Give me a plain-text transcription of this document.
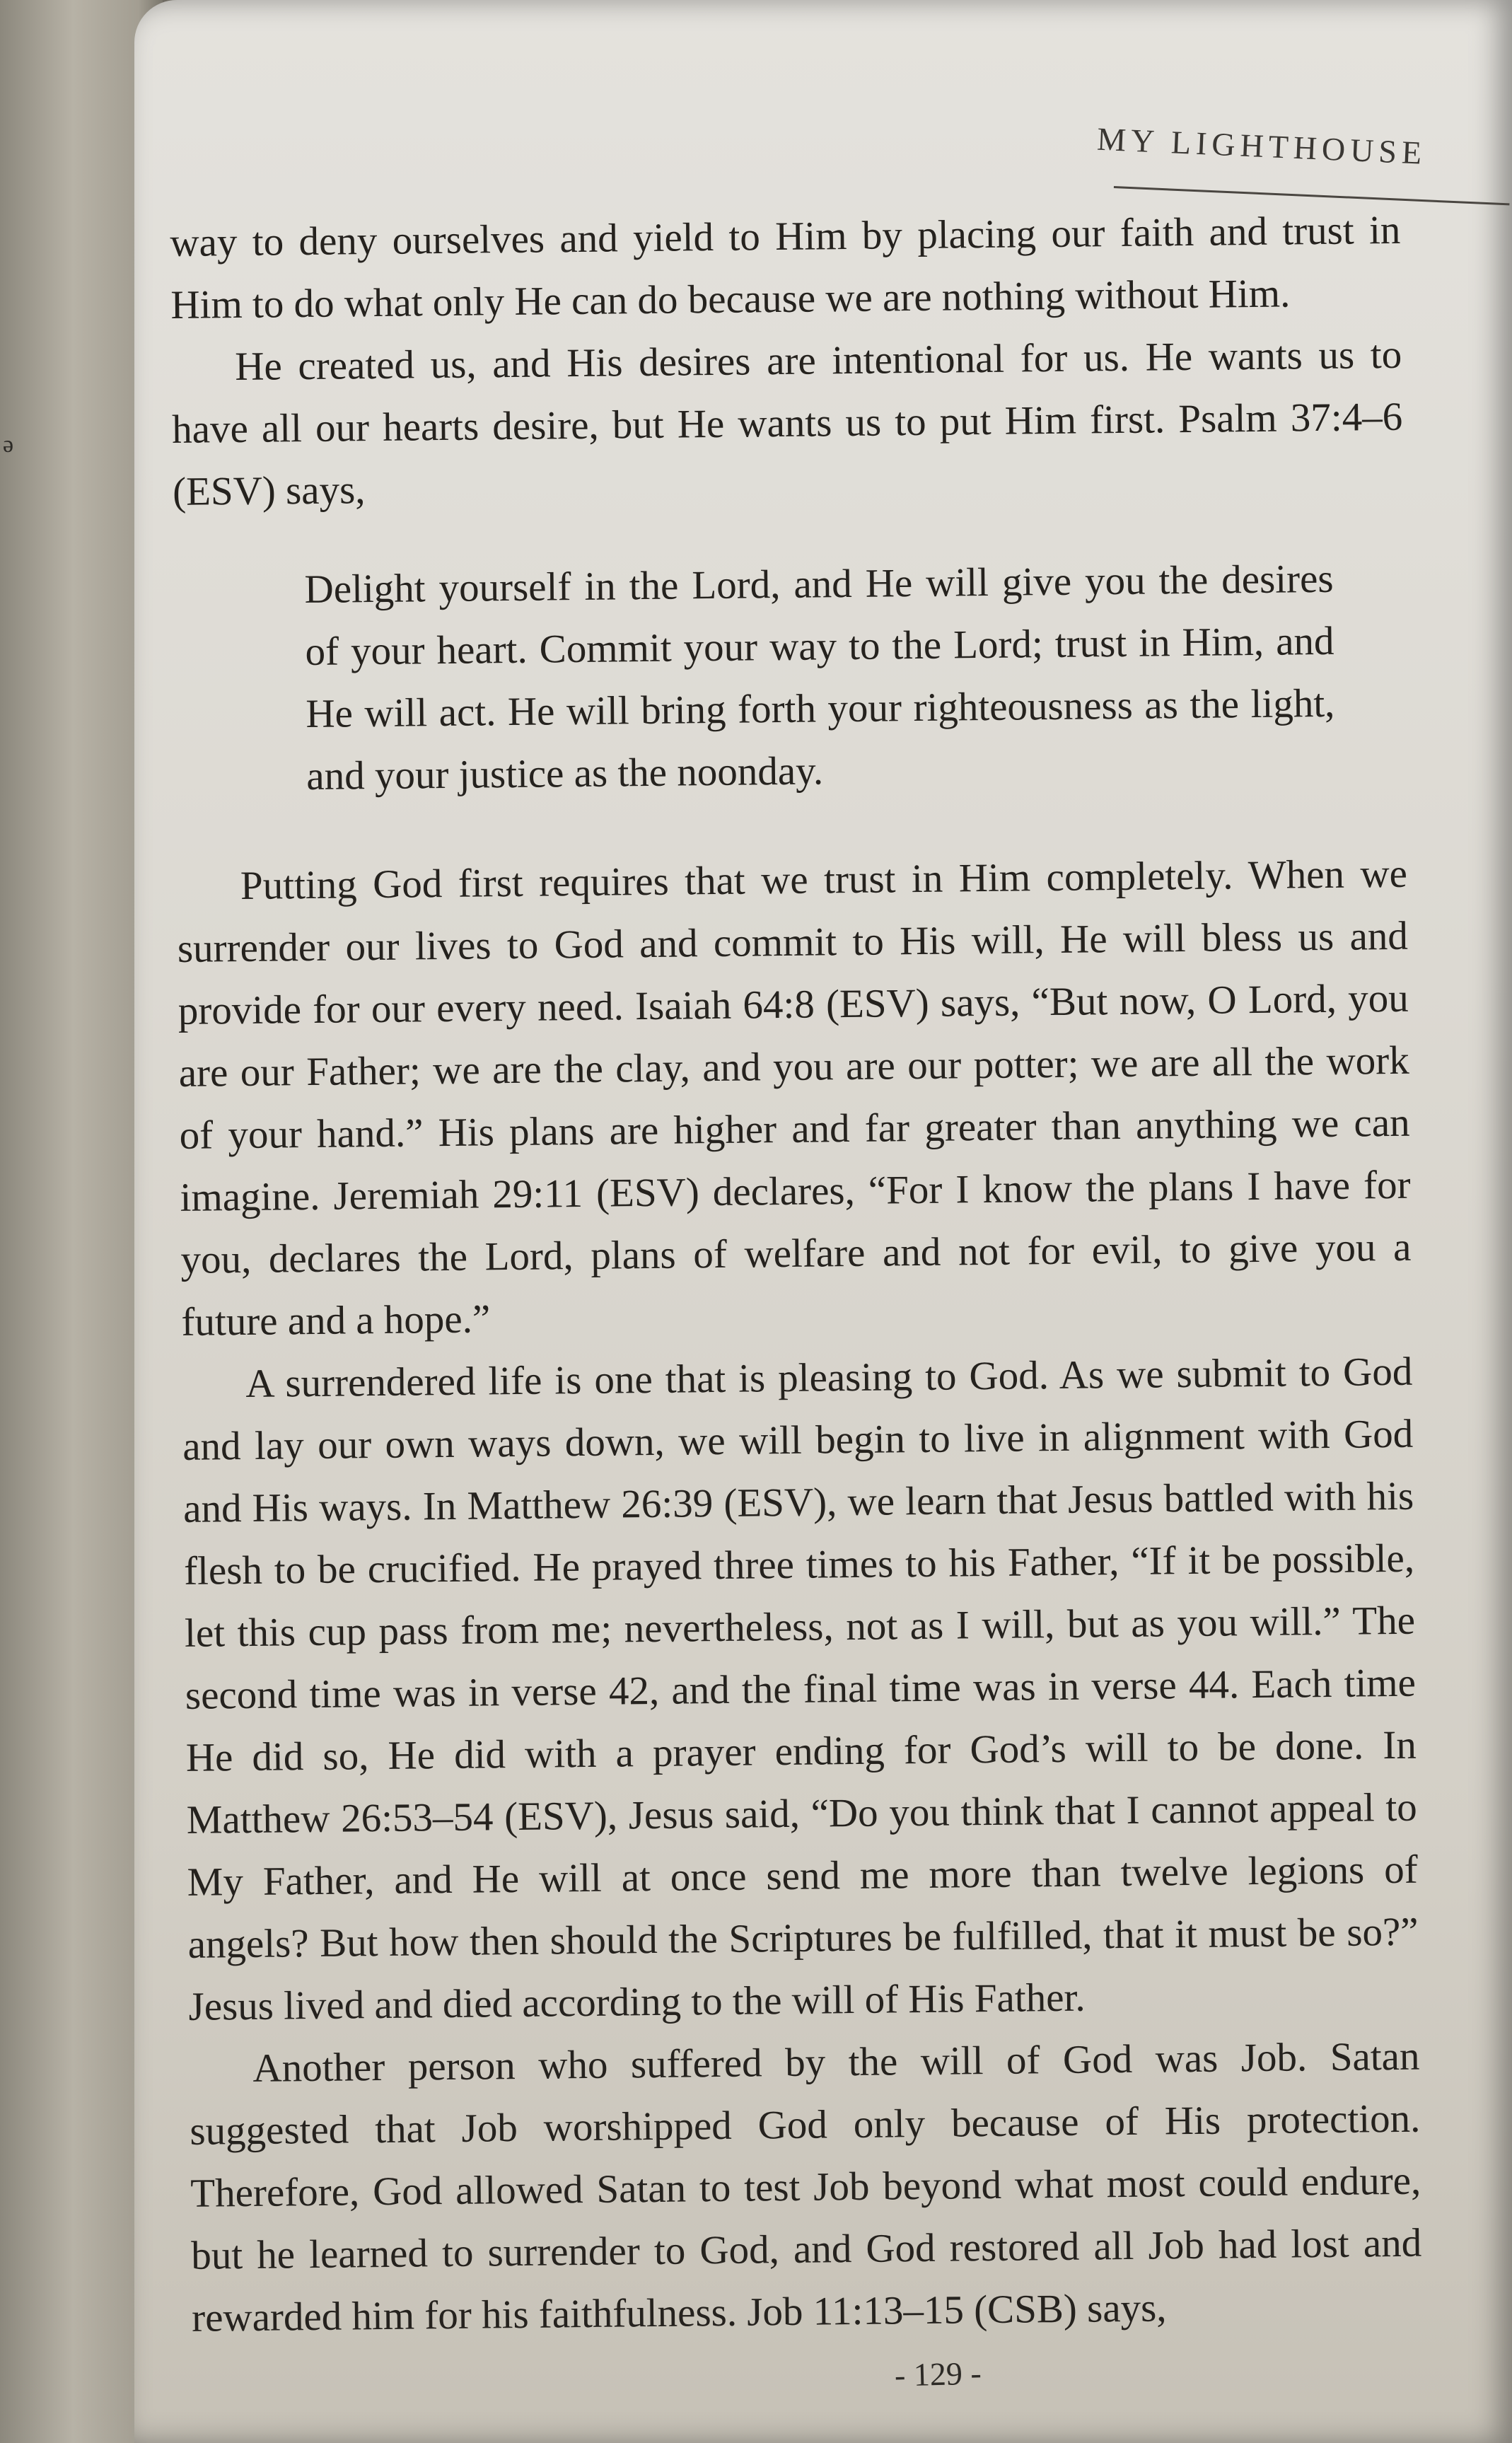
ə
MY LIGHTHOUSE

way to deny ourselves and yield to Him by placing our faith and trust in Him to do what only He can do because we are nothing without Him.

He created us, and His desires are intentional for us. He wants us to have all our hearts desire, but He wants us to put Him first. Psalm 37:4–6 (ESV) says,

Delight yourself in the Lord, and He will give you the desires of your heart. Commit your way to the Lord; trust in Him, and He will act. He will bring forth your righteousness as the light, and your justice as the noonday.

Putting God first requires that we trust in Him completely. When we surrender our lives to God and commit to His will, He will bless us and provide for our every need. Isaiah 64:8 (ESV) says, “But now, O Lord, you are our Father; we are the clay, and you are our potter; we are all the work of your hand.” His plans are higher and far greater than anything we can imagine. Jeremiah 29:11 (ESV) declares, “For I know the plans I have for you, declares the Lord, plans of welfare and not for evil, to give you a future and a hope.”

A surrendered life is one that is pleasing to God. As we submit to God and lay our own ways down, we will begin to live in alignment with God and His ways. In Matthew 26:39 (ESV), we learn that Jesus battled with his flesh to be crucified. He prayed three times to his Father, “If it be possible, let this cup pass from me; nevertheless, not as I will, but as you will.” The second time was in verse 42, and the final time was in verse 44. Each time He did so, He did with a prayer ending for God’s will to be done. In Matthew 26:53–54 (ESV), Jesus said, “Do you think that I cannot appeal to My Father, and He will at once send me more than twelve legions of angels? But how then should the Scriptures be fulfilled, that it must be so?” Jesus lived and died according to the will of His Father.

Another person who suffered by the will of God was Job. Satan suggested that Job worshipped God only because of His protection. Therefore, God allowed Satan to test Job beyond what most could endure, but he learned to surrender to God, and God restored all Job had lost and rewarded him for his faithfulness. Job 11:13–15 (CSB) says,

- 129 -
